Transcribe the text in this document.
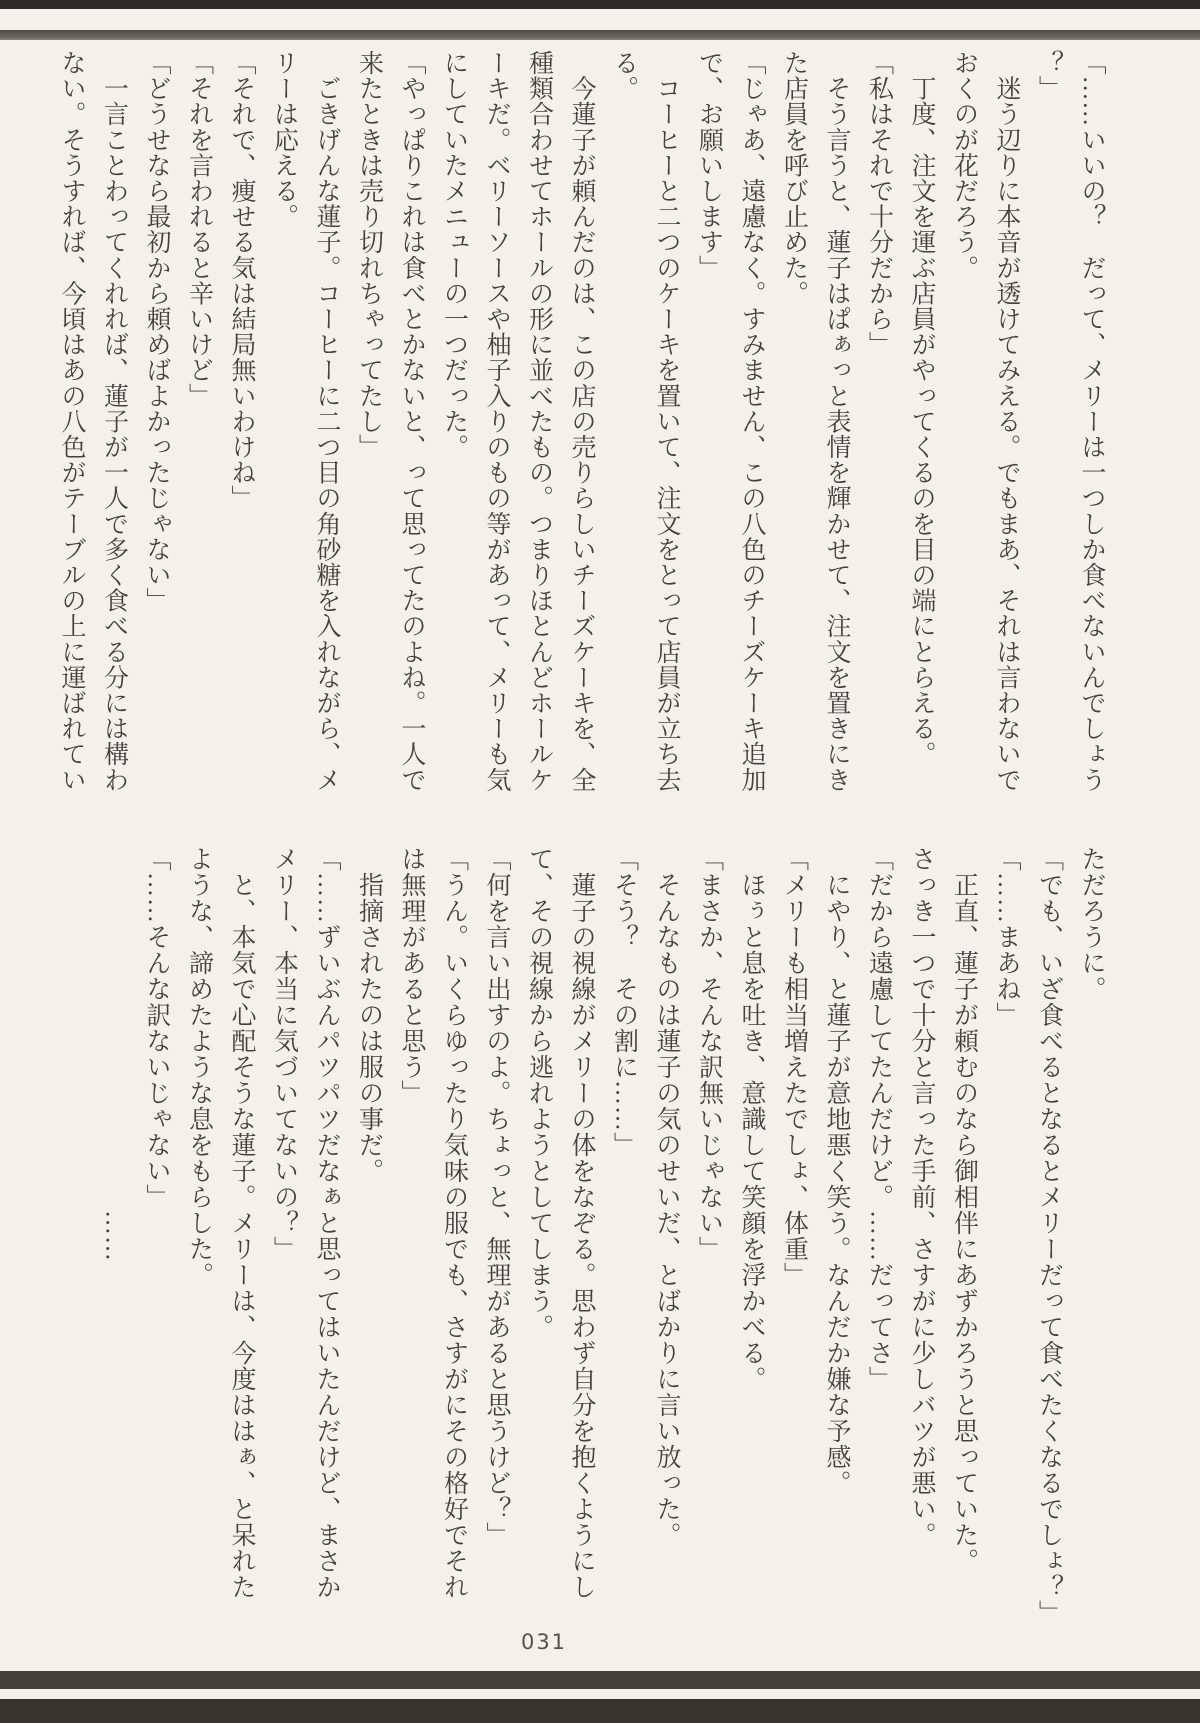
「……いいの？　だって、メリーは一つしか食べないんでしょう
？」
　迷う辺りに本音が透けてみえる。でもまあ、それは言わないで
おくのが花だろう。
　丁度、注文を運ぶ店員がやってくるのを目の端にとらえる。
「私はそれで十分だから」
　そう言うと、蓮子はぱぁっと表情を輝かせて、注文を置きにき
た店員を呼び止めた。
「じゃあ、遠慮なく。すみません、この八色のチーズケーキ追加
で、お願いします」
　コーヒーと二つのケーキを置いて、注文をとって店員が立ち去
る。
　今蓮子が頼んだのは、この店の売りらしいチーズケーキを、全
種類合わせてホールの形に並べたもの。つまりほとんどホールケ
ーキだ。ベリーソースや柚子入りのもの等があって、メリーも気
にしていたメニューの一つだった。
「やっぱりこれは食べとかないと、って思ってたのよね。一人で
来たときは売り切れちゃってたし」
　ごきげんな蓮子。コーヒーに二つ目の角砂糖を入れながら、メ
リーは応える。
「それで、痩せる気は結局無いわけね」
「それを言われると辛いけど」
「どうせなら最初から頼めばよかったじゃない」
　一言ことわってくれれば、蓮子が一人で多く食べる分には構わ
ない。そうすれば、今頃はあの八色がテーブルの上に運ばれてい
ただろうに。
「でも、いざ食べるとなるとメリーだって食べたくなるでしょ？」
「……まあね」
　正直、蓮子が頼むのなら御相伴にあずかろうと思っていた。
さっき一つで十分と言った手前、さすがに少しバツが悪い。
「だから遠慮してたんだけど。……だってさ」
　にやり、と蓮子が意地悪く笑う。なんだか嫌な予感。
「メリーも相当増えたでしょ、体重」
　ほぅと息を吐き、意識して笑顔を浮かべる。
「まさか、そんな訳無いじゃない」
　そんなものは蓮子の気のせいだ、とばかりに言い放った。
「そう？　その割に……」
　蓮子の視線がメリーの体をなぞる。思わず自分を抱くようにし
て、その視線から逃れようとしてしまう。
「何を言い出すのよ。ちょっと、無理があると思うけど？」
「うん。いくらゆったり気味の服でも、さすがにその格好でそれ
は無理があると思う」
　指摘されたのは服の事だ。
「……ずいぶんパツパツだなぁと思ってはいたんだけど、まさか
メリー、本当に気づいてないの？」
　と、本気で心配そうな蓮子。メリーは、今度ははぁ、と呆れた
ような、諦めたような息をもらした。
「……そんな訳ないじゃない」
　　　　　　　　　　　　　　……
031
